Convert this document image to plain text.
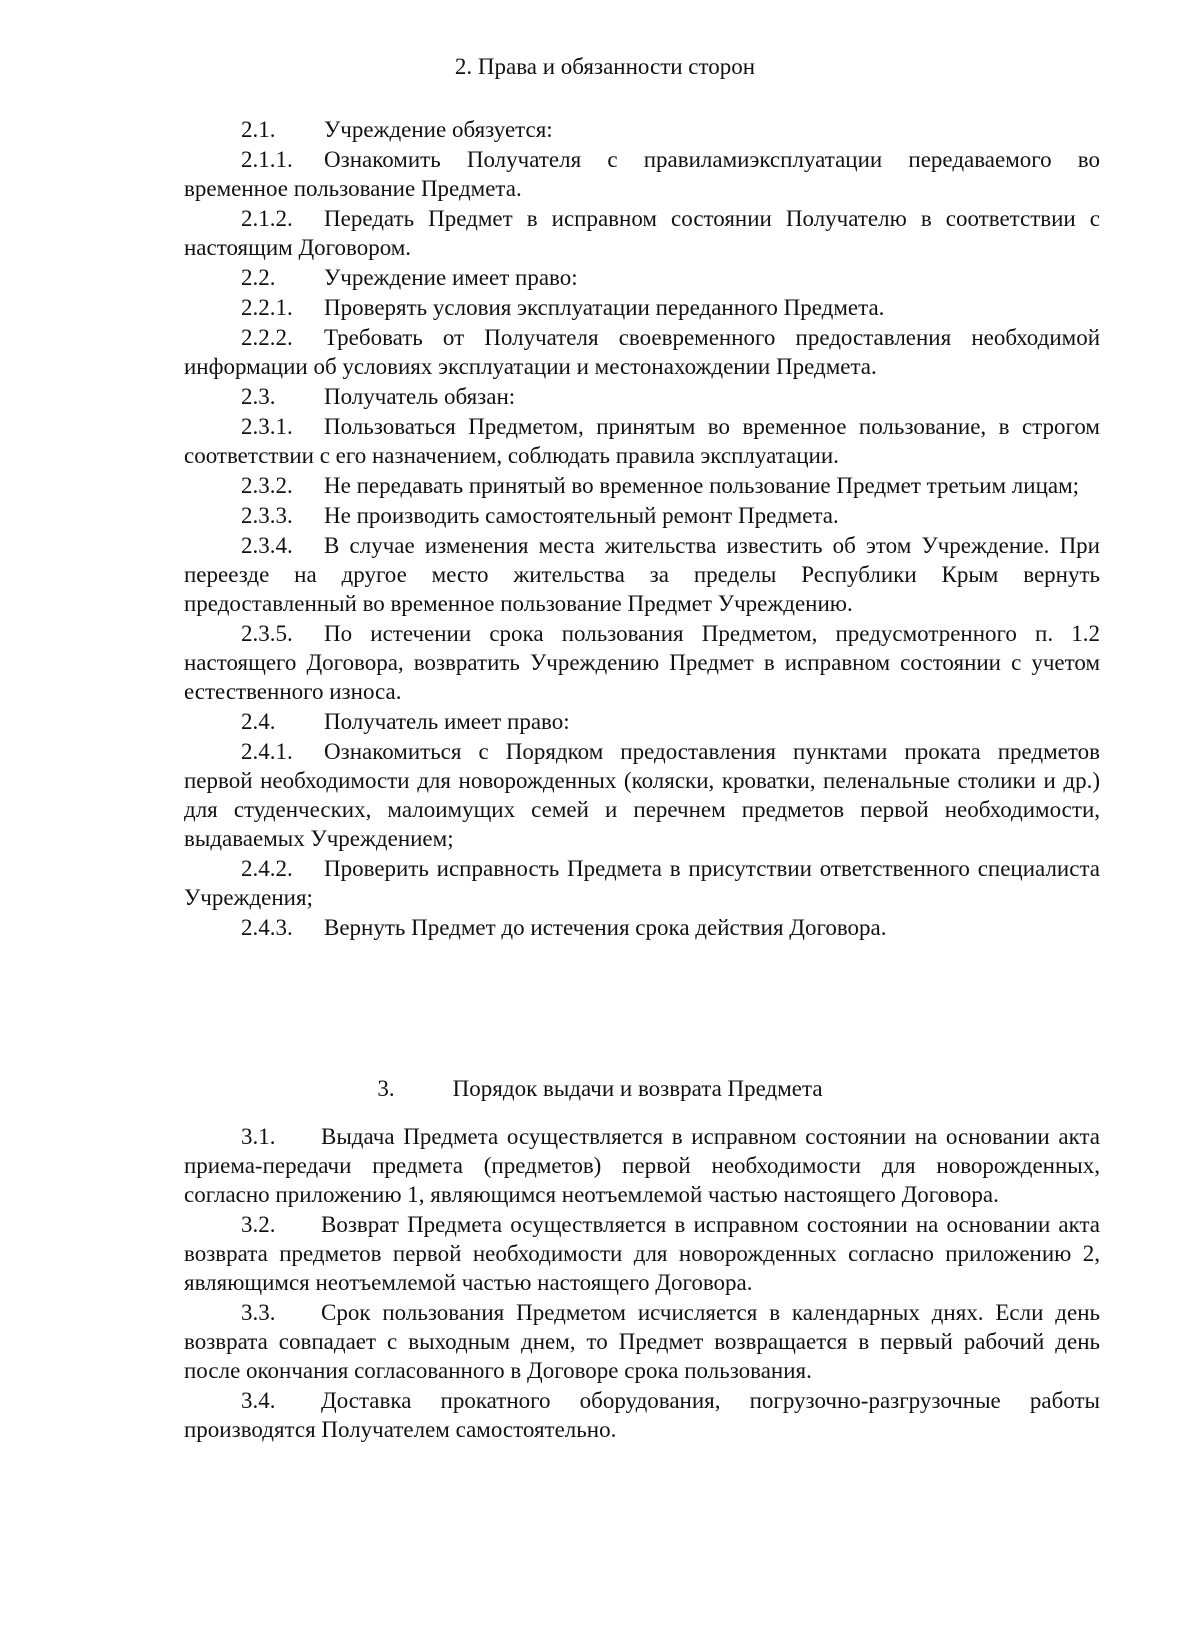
2. Права и обязанности сторон

2.1. Учреждение обязуется:

2.1.1. Ознакомить Получателя с правиламиэксплуатации передаваемого во временное пользование Предмета.

2.1.2. Передать Предмет в исправном состоянии Получателю в соответствии с настоящим Договором.

2.2. Учреждение имеет право:

2.2.1. Проверять условия эксплуатации переданного Предмета.

2.2.2. Требовать от Получателя своевременного предоставления необходимой информации об условиях эксплуатации и местонахождении Предмета.

2.3. Получатель обязан:

2.3.1. Пользоваться Предметом, принятым во временное пользование, в строгом соответствии с его назначением, соблюдать правила эксплуатации.

2.3.2. Не передавать принятый во временное пользование Предмет третьим лицам;

2.3.3. Не производить самостоятельный ремонт Предмета.

2.3.4. В случае изменения места жительства известить об этом Учреждение. При переезде на другое место жительства за пределы Республики Крым вернуть предоставленный во временное пользование Предмет Учреждению.

2.3.5. По истечении срока пользования Предметом, предусмотренного п. 1.2 настоящего Договора, возвратить Учреждению Предмет в исправном состоянии с учетом естественного износа.

2.4. Получатель имеет право:

2.4.1. Ознакомиться с Порядком предоставления пунктами проката предметов первой необходимости для новорожденных (коляски, кроватки, пеленальные столики и др.) для студенческих, малоимущих семей и перечнем предметов первой необходимости, выдаваемых Учреждением;

2.4.2. Проверить исправность Предмета в присутствии ответственного специалиста Учреждения;

2.4.3. Вернуть Предмет до истечения срока действия Договора.

3.	Порядок выдачи и возврата Предмета

3.1. Выдача Предмета осуществляется в исправном состоянии на основании акта приема-передачи предмета (предметов) первой необходимости для новорожденных, согласно приложению 1, являющимся неотъемлемой частью настоящего Договора.

3.2. Возврат Предмета осуществляется в исправном состоянии на основании акта возврата предметов первой необходимости для новорожденных согласно приложению 2, являющимся неотъемлемой частью настоящего Договора.

3.3. Срок пользования Предметом исчисляется в календарных днях. Если день возврата совпадает с выходным днем, то Предмет возвращается в первый рабочий день после окончания согласованного в Договоре срока пользования.

3.4. Доставка прокатного оборудования, погрузочно-разгрузочные работы производятся Получателем самостоятельно.
